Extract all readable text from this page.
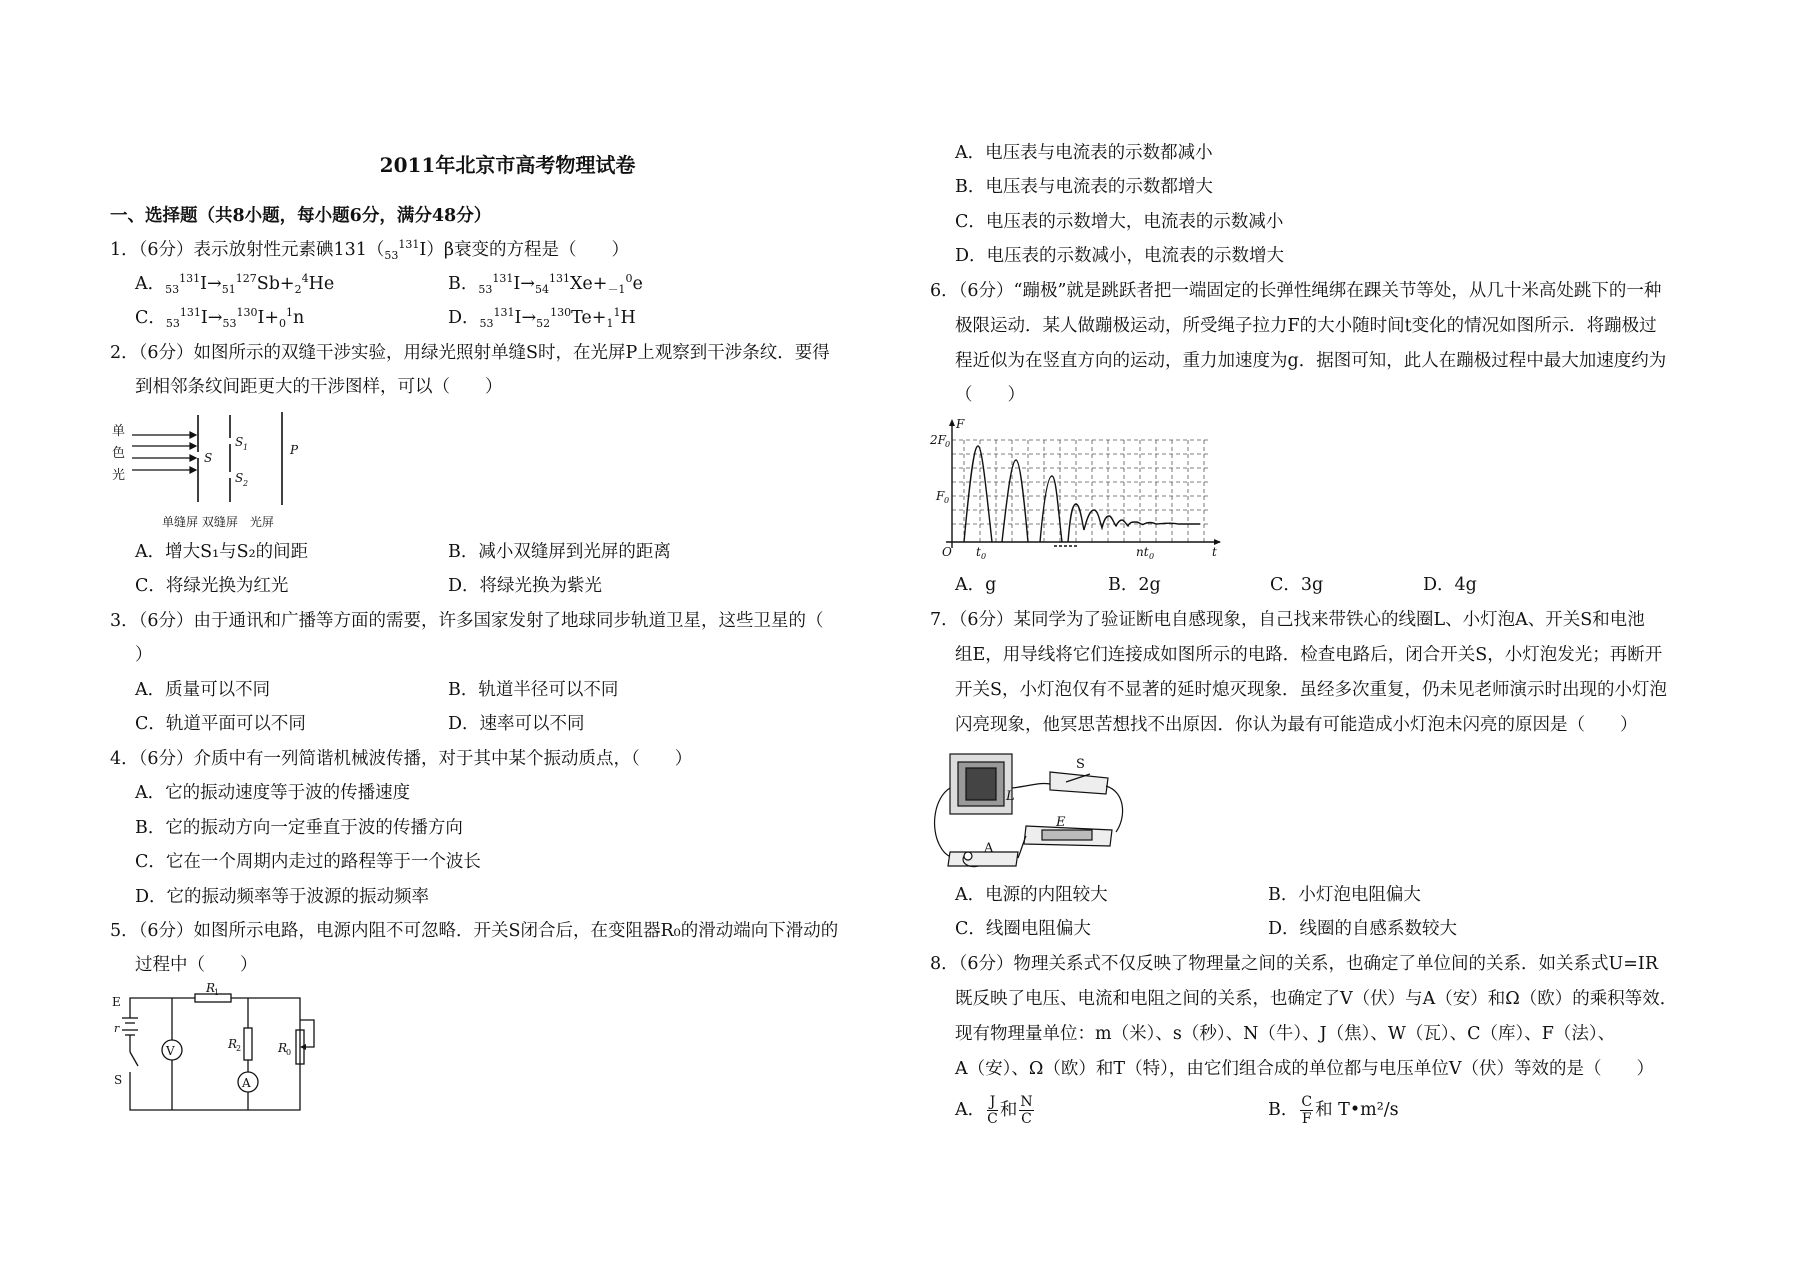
2011年北京市高考物理试卷
一、选择题（共8小题，每小题6分，满分48分）
1．（6分）表示放射性元素碘$131(_{53}^{131}I)\beta$衰变的方程是（　　）
A．$_{53}^{131}I\to_{51}^{127}Sb+_2^4He$	B．$_{53}^{131}I\to_{54}^{131}Xe+_{-1}^0e$
C．$_{53}^{131}I\to_{53}^{130}I+_0^1n$	D．$_{53}^{131}I\to_{52}^{130}Te+_1^1H$
2．（6分）如图所示的双缝干涉实验，用绿光照射单缝S时，在光屏P上观察到干涉条纹．要得
到相邻条纹间距更大的干涉图样，可以（　　）
单
色
光
S
S 1
S 2
P
单缝屏 双缝屏　光屏
A．增大S₁与S₂的间距	B．减小双缝屏到光屏的距离
C．将绿光换为红光	D．将绿光换为紫光
3．（6分）由于通讯和广播等方面的需要，许多国家发射了地球同步轨道卫星，这些卫星的（
）
A．质量可以不同	B．轨道半径可以不同
C．轨道平面可以不同	D．速率可以不同
4．（6分）介质中有一列简谐机械波传播，对于其中某个振动质点，（　　）
A．它的振动速度等于波的传播速度
B．它的振动方向一定垂直于波的传播方向
C．它在一个周期内走过的路程等于一个波长
D．它的振动频率等于波源的振动频率
5．（6分）如图所示电路，电源内阻不可忽略．开关S闭合后，在变阻器R₀的滑动端向下滑动的
过程中（　　）
E
r
S
V
A
R
1
R
2	R
0
A．电压表与电流表的示数都减小
B．电压表与电流表的示数都增大
C．电压表的示数增大，电流表的示数减小
D．电压表的示数减小，电流表的示数增大
6．（6分）“蹦极”就是跳跃者把一端固定的长弹性绳绑在踝关节等处，从几十米高处跳下的一种
极限运动．某人做蹦极运动，所受绳子拉力F的大小随时间t变化的情况如图所示．将蹦极过
程近似为在竖直方向的运动，重力加速度为g．据图可知，此人在蹦极过程中最大加速度约为
（　　）
F
2F 0
F 0
O t 0	nt 0	t
A．g	B．2g	C．3g	D．4g
7．（6分）某同学为了验证断电自感现象，自己找来带铁心的线圈L、小灯泡A、开关S和电池
组E，用导线将它们连接成如图所示的电路．检查电路后，闭合开关S，小灯泡发光；再断开
开关S，小灯泡仅有不显著的延时熄灭现象．虽经多次重复，仍未见老师演示时出现的小灯泡
闪亮现象，他冥思苦想找不出原因．你认为最有可能造成小灯泡未闪亮的原因是（　　）
L
S
A
E
A．电源的内阻较大	B．小灯泡电阻偏大
C．线圈电阻偏大	D．线圈的自感系数较大
8．（6分）物理关系式不仅反映了物理量之间的关系，也确定了单位间的关系．如关系式U=IR
既反映了电压、电流和电阻之间的关系，也确定了V（伏）与A（安）和Ω（欧）的乘积等效．
现有物理量单位：m（米）、s（秒）、N（牛）、J（焦）、W（瓦）、C（库）、F（法）、
A（安）、Ω（欧）和T（特），由它们组合成的单位都与电压单位V（伏）等效的是（　　）
A． $\frac{J}{C}$ 和 $\frac{N}{C}$	B． $\frac{C}{F}$ 和 T•m²/s
